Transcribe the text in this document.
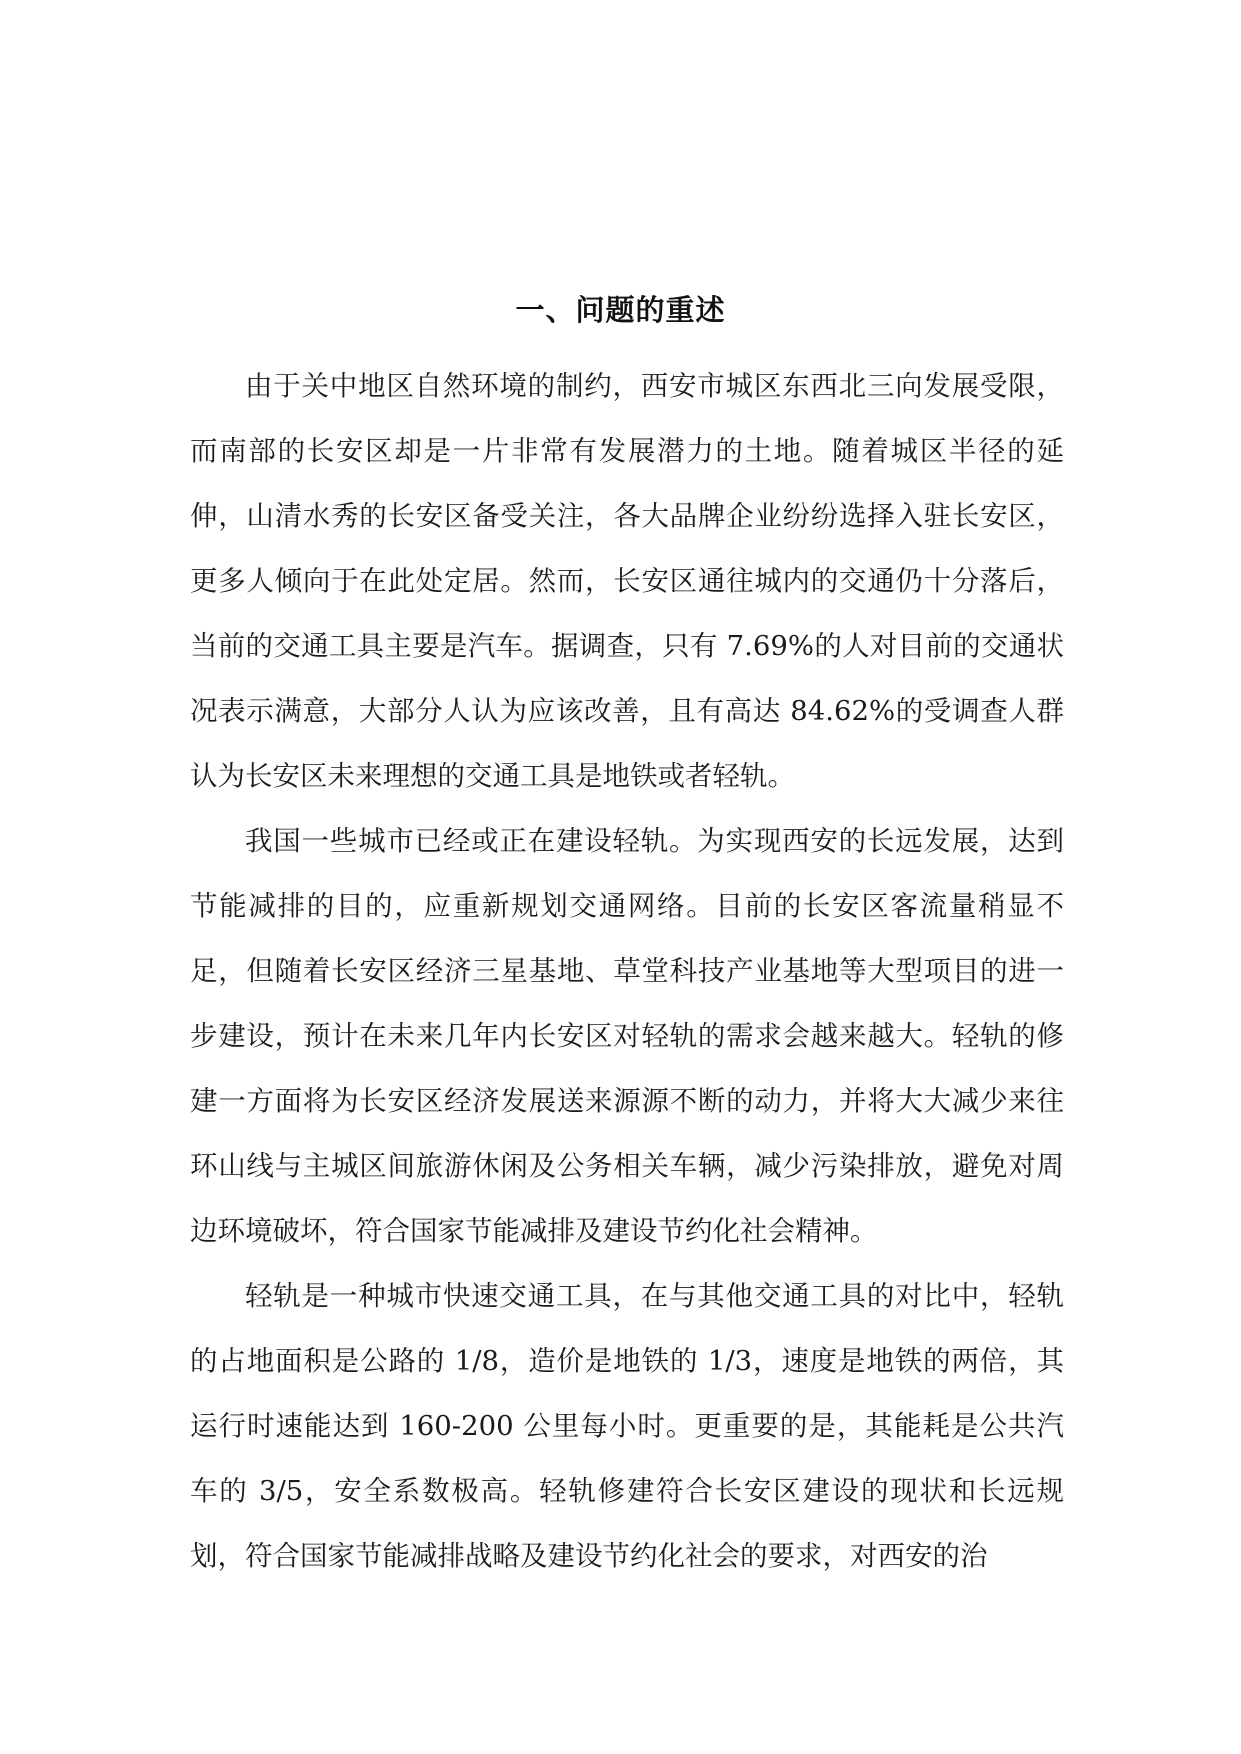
一、问题的重述

由于关中地区自然环境的制约，西安市城区东西北三向发展受限，而南部的长安区却是一片非常有发展潜力的土地。随着城区半径的延伸，山清水秀的长安区备受关注，各大品牌企业纷纷选择入驻长安区，更多人倾向于在此处定居。然而，长安区通往城内的交通仍十分落后，当前的交通工具主要是汽车。据调查，只有 7.69%的人对目前的交通状况表示满意，大部分人认为应该改善，且有高达 84.62%的受调查人群认为长安区未来理想的交通工具是地铁或者轻轨。

我国一些城市已经或正在建设轻轨。为实现西安的长远发展，达到节能减排的目的，应重新规划交通网络。目前的长安区客流量稍显不足，但随着长安区经济三星基地、草堂科技产业基地等大型项目的进一步建设，预计在未来几年内长安区对轻轨的需求会越来越大。轻轨的修建一方面将为长安区经济发展送来源源不断的动力，并将大大减少来往环山线与主城区间旅游休闲及公务相关车辆，减少污染排放，避免对周边环境破坏，符合国家节能减排及建设节约化社会精神。

轻轨是一种城市快速交通工具，在与其他交通工具的对比中，轻轨的占地面积是公路的 1/8，造价是地铁的 1/3，速度是地铁的两倍，其运行时速能达到 160-200 公里每小时。更重要的是，其能耗是公共汽车的 3/5，安全系数极高。轻轨修建符合长安区建设的现状和长远规划，符合国家节能减排战略及建设节约化社会的要求，对西安的治
